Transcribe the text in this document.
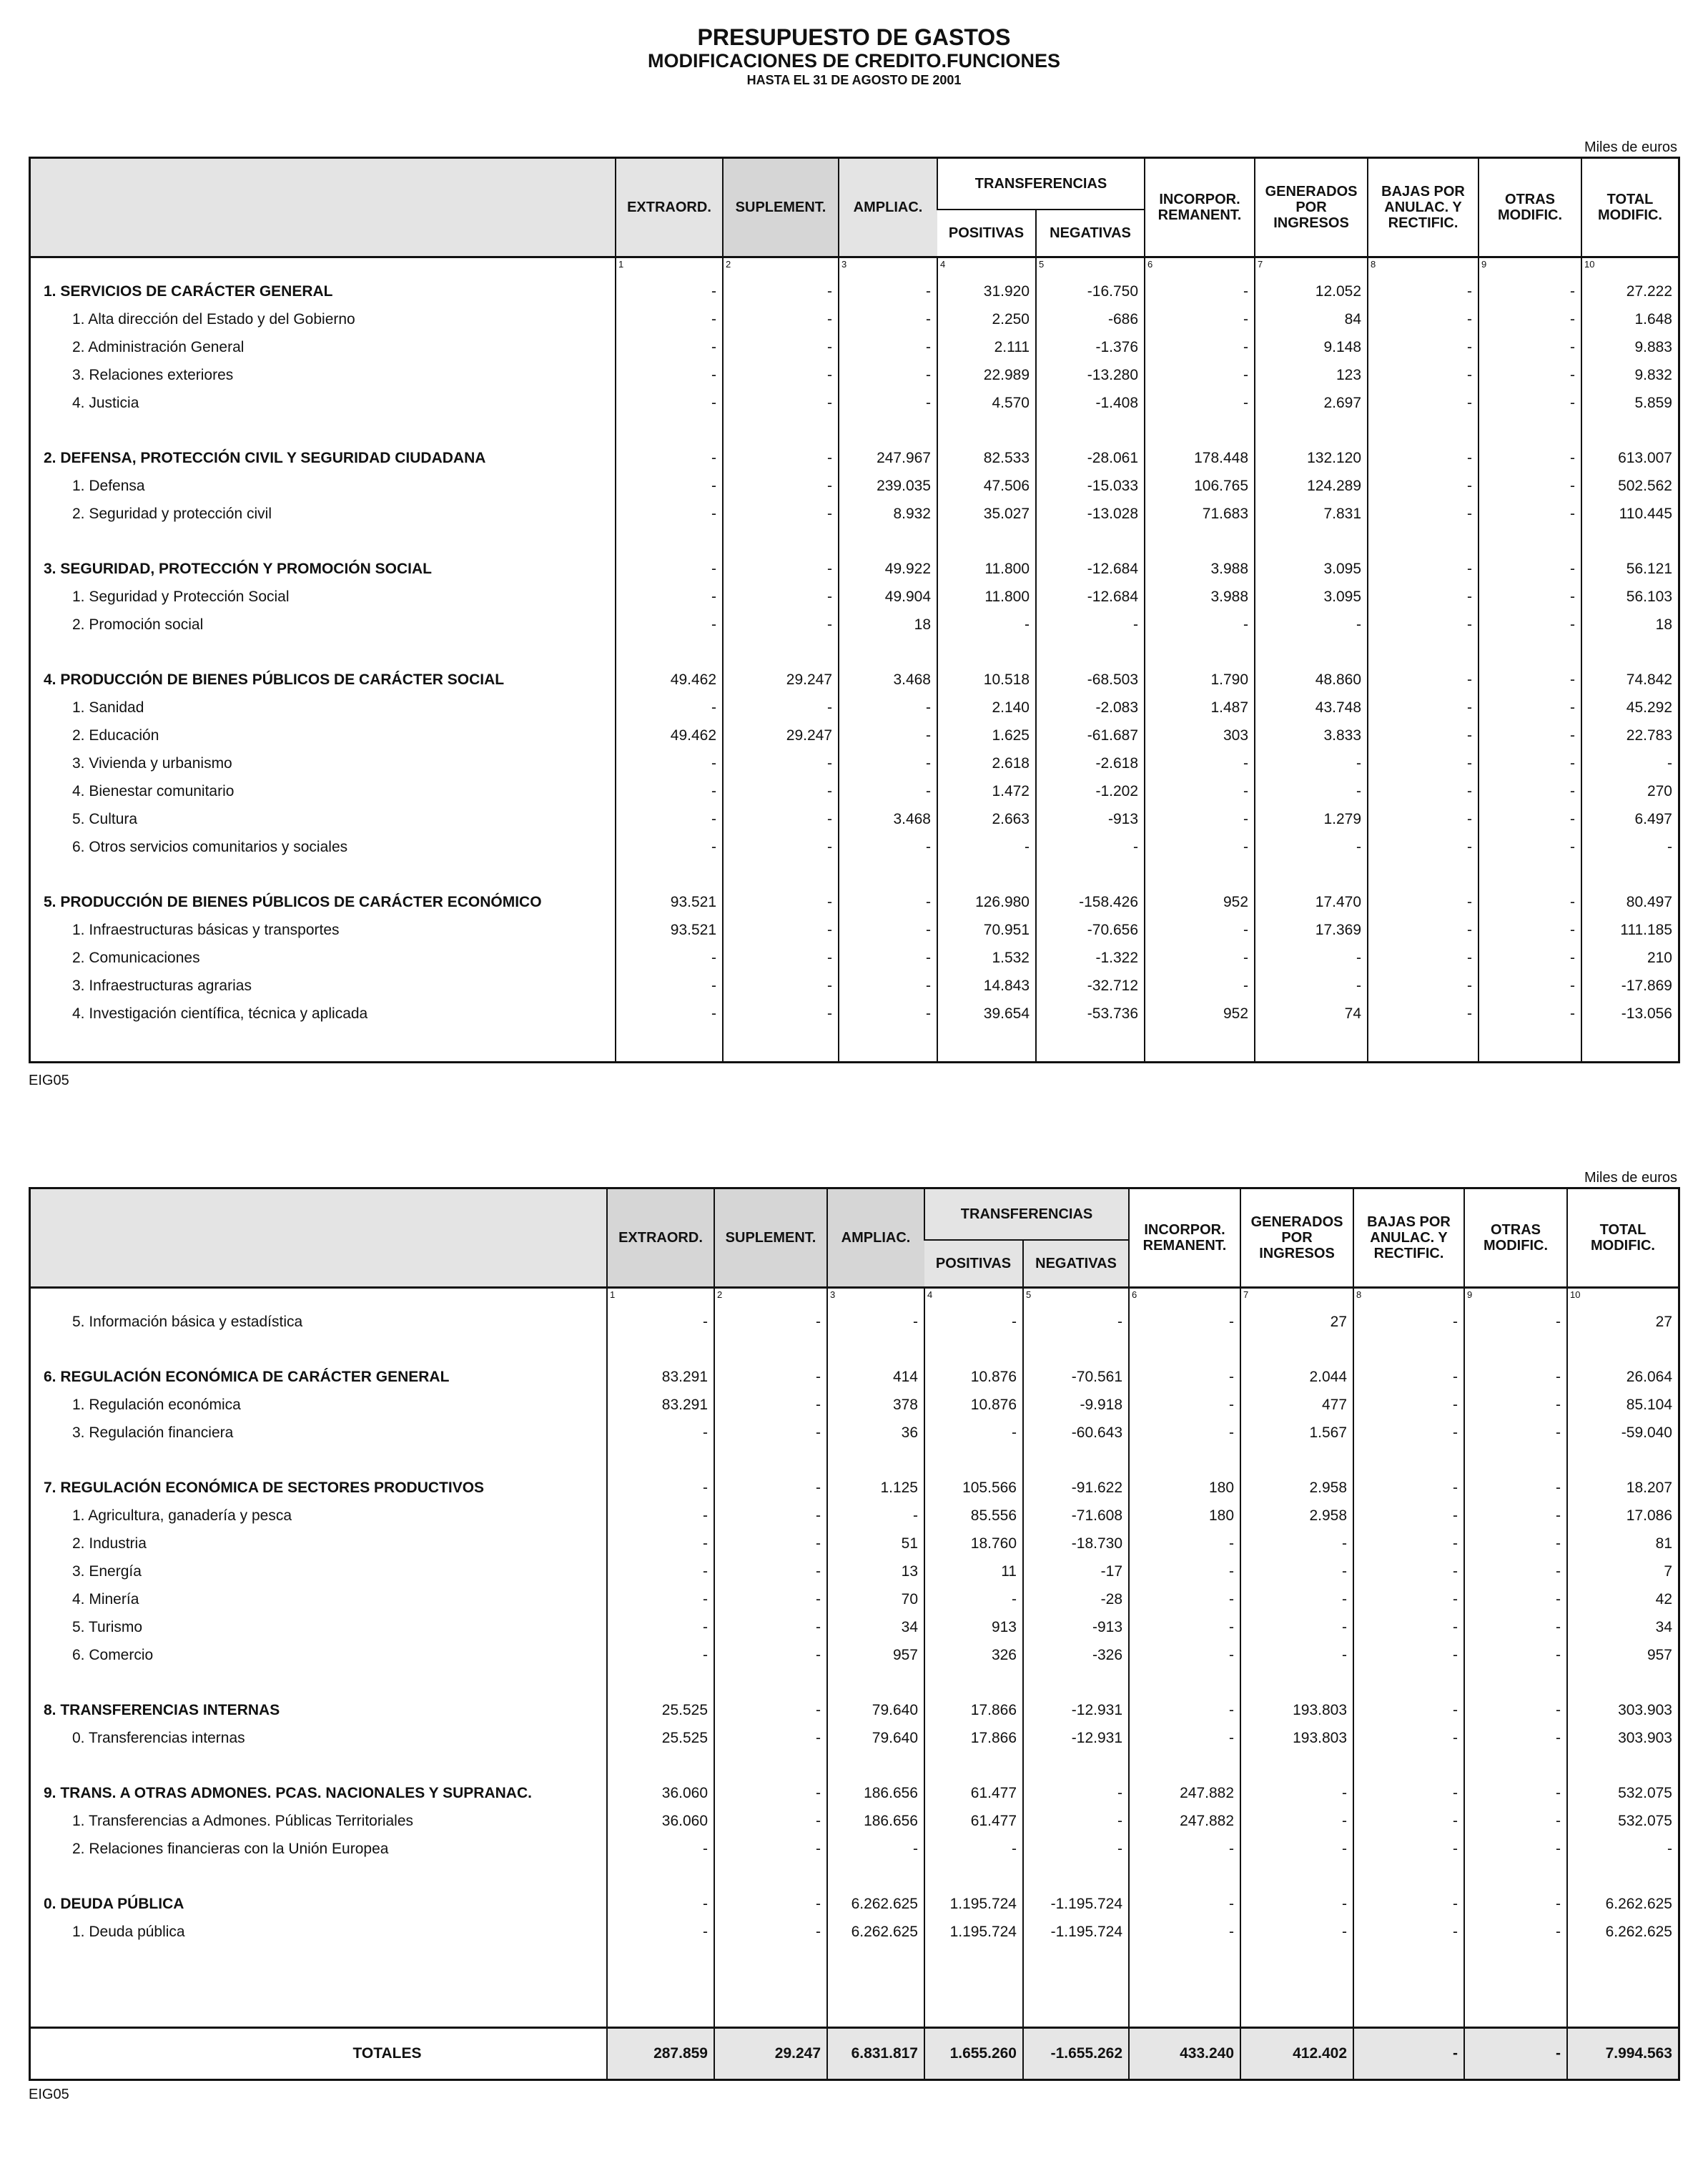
PRESUPUESTO DE GASTOS
MODIFICACIONES DE CREDITO.FUNCIONES
HASTA EL 31 DE AGOSTO DE 2001
Miles de euros
	EXTRAORD.	SUPLEMENT.	AMPLIAC.	TRANSFERENCIAS		INCORPOR.
REMANENT.	GENERADOS
POR
INGRESOS	BAJAS POR
ANULAC. Y
RECTIFIC.	OTRAS
MODIFIC.	TOTAL
MODIFIC.
				POSITIVAS	NEGATIVAS					
	1	2	3	4	5	6	7	8	9	10
1. SERVICIOS DE CARÁCTER GENERAL	-	-	-	31.920	-16.750	-	12.052	-	-	27.222
1. Alta dirección del Estado y del Gobierno	-	-	-	2.250	-686	-	84	-	-	1.648
2. Administración General	-	-	-	2.111	-1.376	-	9.148	-	-	9.883
3. Relaciones exteriores	-	-	-	22.989	-13.280	-	123	-	-	9.832
4. Justicia	-	-	-	4.570	-1.408	-	2.697	-	-	5.859

2. DEFENSA, PROTECCIÓN CIVIL Y SEGURIDAD CIUDADANA	-	-	247.967	82.533	-28.061	178.448	132.120	-	-	613.007
1. Defensa	-	-	239.035	47.506	-15.033	106.765	124.289	-	-	502.562
2. Seguridad y protección civil	-	-	8.932	35.027	-13.028	71.683	7.831	-	-	110.445

3. SEGURIDAD, PROTECCIÓN Y PROMOCIÓN SOCIAL	-	-	49.922	11.800	-12.684	3.988	3.095	-	-	56.121
1. Seguridad y Protección Social	-	-	49.904	11.800	-12.684	3.988	3.095	-	-	56.103
2. Promoción social	-	-	18	-	-	-	-	-	-	18

4. PRODUCCIÓN DE BIENES PÚBLICOS DE CARÁCTER SOCIAL	49.462	29.247	3.468	10.518	-68.503	1.790	48.860	-	-	74.842
1. Sanidad	-	-	-	2.140	-2.083	1.487	43.748	-	-	45.292
2. Educación	49.462	29.247	-	1.625	-61.687	303	3.833	-	-	22.783
3. Vivienda y urbanismo	-	-	-	2.618	-2.618	-	-	-	-	-
4. Bienestar comunitario	-	-	-	1.472	-1.202	-	-	-	-	270
5. Cultura	-	-	3.468	2.663	-913	-	1.279	-	-	6.497
6. Otros servicios comunitarios y sociales	-	-	-	-	-	-	-	-	-	-

5. PRODUCCIÓN DE BIENES PÚBLICOS DE CARÁCTER ECONÓMICO	93.521	-	-	126.980	-158.426	952	17.470	-	-	80.497
1. Infraestructuras básicas y transportes	93.521	-	-	70.951	-70.656	-	17.369	-	-	111.185
2. Comunicaciones	-	-	-	1.532	-1.322	-	-	-	-	210
3. Infraestructuras agrarias	-	-	-	14.843	-32.712	-	-	-	-	-17.869
4. Investigación científica, técnica y aplicada	-	-	-	39.654	-53.736	952	74	-	-	-13.056

EIG05
Miles de euros
	EXTRAORD.	SUPLEMENT.	AMPLIAC.	TRANSFERENCIAS		INCORPOR.
REMANENT.	GENERADOS
POR
INGRESOS	BAJAS POR
ANULAC. Y
RECTIFIC.	OTRAS
MODIFIC.	TOTAL
MODIFIC.
				POSITIVAS	NEGATIVAS					
	1	2	3	4	5	6	7	8	9	10
5. Información básica y estadística	-	-	-	-	-	-	27	-	-	27

6. REGULACIÓN ECONÓMICA DE CARÁCTER GENERAL	83.291	-	414	10.876	-70.561	-	2.044	-	-	26.064
1. Regulación económica	83.291	-	378	10.876	-9.918	-	477	-	-	85.104
3. Regulación financiera	-	-	36	-	-60.643	-	1.567	-	-	-59.040

7. REGULACIÓN ECONÓMICA DE SECTORES PRODUCTIVOS	-	-	1.125	105.566	-91.622	180	2.958	-	-	18.207
1. Agricultura, ganadería y pesca	-	-	-	85.556	-71.608	180	2.958	-	-	17.086
2. Industria	-	-	51	18.760	-18.730	-	-	-	-	81
3. Energía	-	-	13	11	-17	-	-	-	-	7
4. Minería	-	-	70	-	-28	-	-	-	-	42
5. Turismo	-	-	34	913	-913	-	-	-	-	34
6. Comercio	-	-	957	326	-326	-	-	-	-	957

8. TRANSFERENCIAS INTERNAS	25.525	-	79.640	17.866	-12.931	-	193.803	-	-	303.903
0. Transferencias internas	25.525	-	79.640	17.866	-12.931	-	193.803	-	-	303.903

9. TRANS. A OTRAS ADMONES. PCAS. NACIONALES Y SUPRANAC.	36.060	-	186.656	61.477	-	247.882	-	-	-	532.075
1. Transferencias a Admones. Públicas Territoriales	36.060	-	186.656	61.477	-	247.882	-	-	-	532.075
2. Relaciones financieras con la Unión Europea	-	-	-	-	-	-	-	-	-	-

0. DEUDA PÚBLICA	-	-	6.262.625	1.195.724	-1.195.724	-	-	-	-	6.262.625
1. Deuda pública	-	-	6.262.625	1.195.724	-1.195.724	-	-	-	-	6.262.625

TOTALES	287.859	29.247	6.831.817	1.655.260	-1.655.262	433.240	412.402	-	-	7.994.563
EIG05
